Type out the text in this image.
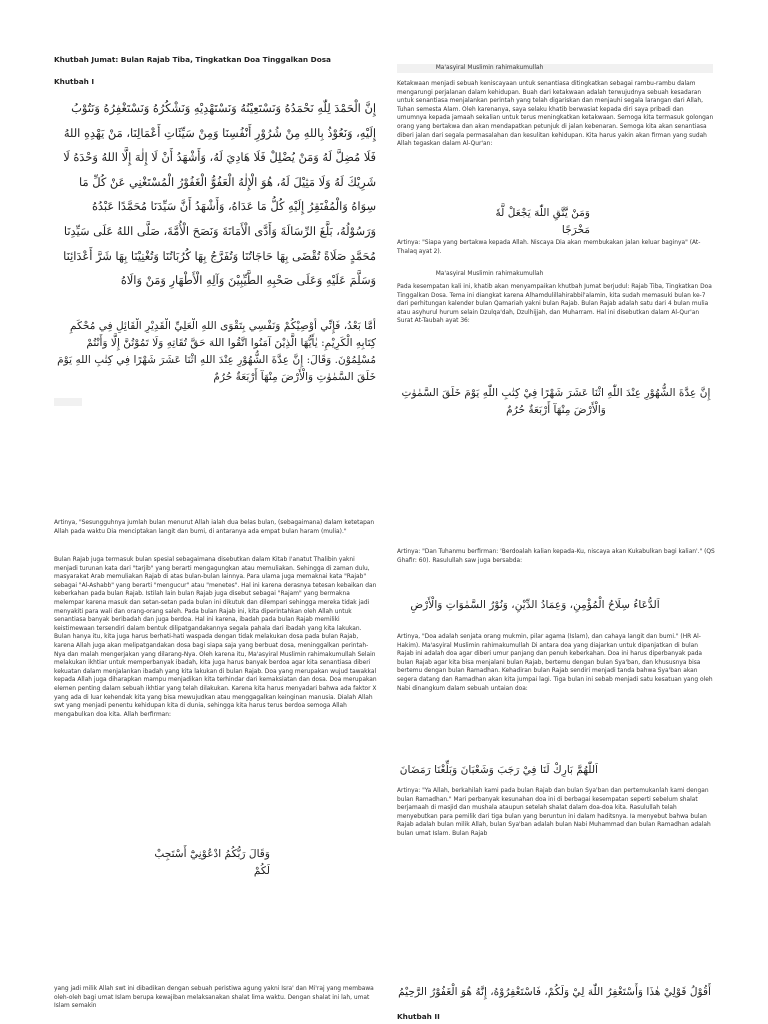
Khutbah Jumat: Bulan Rajab Tiba, Tingkatkan Doa Tinggalkan Dosa
Khutbah I
إِنَّ الْحَمْدَ لِلّٰهِ نَحْمَدُهُ وَنَسْتَعِيْنُهُ وَنَسْتَهْدِيْهِ وَنَشْكُرُهُ وَنَسْتَغْفِرُهُ وَنَتُوْبُ إِلَيْهِ، وَنَعُوْذُ بِاللهِ مِنْ شُرُوْرِ أَنْفُسِنَا وَمِنْ سَيِّئَاتِ أَعْمَالِنَا، مَنْ يَهْدِهِ اللهُ فَلَا مُضِلَّ لَهُ وَمَنْ يُضْلِلْ فَلَا هَادِيَ لَهُ، وَأَشْهَدُ أَنْ لَا إِلٰهَ إِلَّا اللهُ وَحْدَهُ لَا شَرِيْكَ لَهُ وَلَا مَثِيْلَ لَهُ، هُوَ الْإِلٰهُ الْعَفُوُّ الْغَفُوْرُ الْمُسْتَغْنِي عَنْ كُلِّ مَا سِوَاهُ وَالْمُفْتَقِرُ إِلَيْهِ كُلُّ مَا عَدَاهُ، وَأَشْهَدُ أَنَّ سَيِّدَنَا مُحَمَّدًا عَبْدُهُ وَرَسُوْلُهُ، بَلَّغَ الرِّسَالَةَ وَأَدَّى الْأَمَانَةَ وَنَصَحَ الْأُمَّةَ، صَلَّى اللهُ عَلَى سَيِّدِنَا مُحَمَّدٍ صَلَاةً تُقْضَى بِهَا حَاجَاتُنَا وَتُفَرَّجُ بِهَا كُرُبَاتُنَا وَتُغْنِيْنَا بِهَا شَرَّ أَعْدَائِنَا وَسَلَّمَ عَلَيْهِ وَعَلَى صَحْبِهِ الطَّيِّبِيْنَ وَآلِهِ الْأَطْهَارِ وَمَنْ وَالَاهُ
أَمَّا بَعْدُ، فَإِنِّي أُوْصِيْكُمْ وَنَفْسِي بِتَقْوَى اللهِ الْعَلِيِّ الْقَدِيْرِ الْقَائِلِ فِي مُحْكَمِ كِتَابِهِ الْكَرِيْمِ: يٰأَيُّهَا الَّذِيْنَ آمَنُوا اتَّقُوا اللهَ حَقَّ تُقَاتِهِ وَلَا تَمُوْتُنَّ إِلَّا وَأَنْتُمْ مُسْلِمُوْنَ. وَقَالَ: إِنَّ عِدَّةَ الشُّهُوْرِ عِنْدَ اللهِ اثْنَا عَشَرَ شَهْرًا فِي كِتٰبِ اللهِ يَوْمَ خَلَقَ السَّمٰوٰتِ وَالْأَرْضَ مِنْهَآ أَرْبَعَةٌ حُرُمٌ
Artinya, "Sesungguhnya jumlah bulan menurut Allah ialah dua belas bulan, (sebagaimana) dalam ketetapan Allah pada waktu Dia menciptakan langit dan bumi, di antaranya ada empat bulan haram (mulia)."
Bulan Rajab juga termasuk bulan spesial sebagaimana disebutkan dalam Kitab I'anatut Thalibin yakni menjadi turunan kata dari "tarjib" yang berarti mengagungkan atau memuliakan. Sehingga di zaman dulu, masyarakat Arab memuliakan Rajab di atas bulan-bulan lainnya. Para ulama juga memaknai kata "Rajab" sebagai "Al-Ashabb" yang berarti "mengucur" atau "menetes". Hal ini karena derasnya tetesan kebaikan dan keberkahan pada bulan Rajab. Istilah lain bulan Rajab juga disebut sebagai "Rajam" yang bermakna melempar karena masuk dan setan-setan pada bulan ini dikutuk dan dilempari sehingga mereka tidak jadi menyakiti para wali dan orang-orang saleh. Pada bulan Rajab ini, kita diperintahkan oleh Allah untuk senantiasa banyak beribadah dan juga berdoa. Hal ini karena, ibadah pada bulan Rajab memiliki keistimewaan tersendiri dalam bentuk dilipatgandakannya segala pahala dari ibadah yang kita lakukan. Bulan hanya itu, kita juga harus berhati-hati waspada dengan tidak melakukan dosa pada bulan Rajab, karena Allah juga akan melipatgandakan dosa bagi siapa saja yang berbuat dosa, meninggalkan perintah-Nya dan malah mengerjakan yang dilarang-Nya. Oleh karena itu, Ma'asyiral Muslimin rahimakumullah Selain melakukan ikhtiar untuk memperbanyak ibadah, kita juga harus banyak berdoa agar kita senantiasa diberi kekuatan dalam menjalankan ibadah yang kita lakukan di bulan Rajab. Doa yang merupakan wujud tawakkal kepada Allah juga diharapkan mampu menjadikan kita terhindar dari kemaksiatan dan dosa. Doa merupakan elemen penting dalam sebuah ikhtiar yang telah dilakukan. Karena kita harus menyadari bahwa ada faktor X yang ada di luar kehendak kita yang bisa mewujudkan atau menggagalkan keinginan manusia. Dialah Allah swt yang menjadi penentu kehidupan kita di dunia, sehingga kita harus terus berdoa semoga Allah mengabulkan doa kita. Allah berfirman:
وَقَالَ رَبُّكُمُ ادْعُوْنِيْٓ أَسْتَجِبْ لَكُمْ
yang jadi milik Allah swt ini dibadikan dengan sebuah peristiwa agung yakni Isra' dan Mi'raj yang membawa oleh-oleh bagi umat Islam berupa kewajiban melaksanakan shalat lima waktu. Dengan shalat ini lah, umat Islam semakin
Ma'asyiral Muslimin rahimakumullah
Ketakwaan menjadi sebuah keniscayaan untuk senantiasa ditingkatkan sebagai rambu-rambu dalam mengarungi perjalanan dalam kehidupan. Buah dari ketakwaan adalah terwujudnya sebuah kesadaran untuk senantiasa menjalankan perintah yang telah digariskan dan menjauhi segala larangan dari Allah, Tuhan semesta Alam. Oleh karenanya, saya selaku khatib berwasiat kepada diri saya pribadi dan umumnya kepada jamaah sekalian untuk terus meningkatkan ketakwaan. Semoga kita termasuk golongan orang yang bertakwa dan akan mendapatkan petunjuk di jalan kebenaran. Semoga kita akan senantiasa diberi jalan dari segala permasalahan dan kesulitan kehidupan. Kita harus yakin akan firman yang sudah Allah tegaskan dalam Al-Qur'an:
وَمَنْ يَّتَّقِ اللّٰهَ يَجْعَلْ لَّهٗ مَخْرَجًا
Artinya: "Siapa yang bertakwa kepada Allah. Niscaya Dia akan membukakan jalan keluar baginya" (At-Thalaq ayat 2).
Ma'asyiral Muslimin rahimakumullah
Pada kesempatan kali ini, khatib akan menyampaikan khutbah Jumat berjudul: Rajab Tiba, Tingkatkan Doa Tinggalkan Dosa. Tema ini diangkat karena Alhamdulillahirabbil'alamin, kita sudah memasuki bulan ke-7 dari perhitungan kalender bulan Qamariah yakni bulan Rajab. Bulan Rajab adalah satu dari 4 bulan mulia atau asyhurul hurum selain Dzulqa'dah, Dzulhijjah, dan Muharram. Hal ini disebutkan dalam Al-Qur'an Surat At-Taubah ayat 36:
إِنَّ عِدَّةَ الشُّهُوْرِ عِنْدَ اللّٰهِ اثْنَا عَشَرَ شَهْرًا فِيْ كِتٰبِ اللّٰهِ يَوْمَ خَلَقَ السَّمٰوٰتِ وَالْأَرْضَ مِنْهَآ أَرْبَعَةٌ حُرُمٌ
Artinya: "Dan Tuhanmu berfirman: 'Berdoalah kalian kepada-Ku, niscaya akan Kukabulkan bagi kalian'." (QS Ghafir: 60). Rasulullah saw juga bersabda:
اَلدُّعَاءُ سِلَاحُ الْمُؤْمِنِ، وَعِمَادُ الدِّيْنِ، وَنُوْرُ السَّمٰوَاتِ وَالْأَرْضِ
Artinya, "Doa adalah senjata orang mukmin, pilar agama (Islam), dan cahaya langit dan bumi." (HR Al-Hakim). Ma'asyiral Muslimin rahimakumullah Di antara doa yang diajarkan untuk dipanjatkan di bulan Rajab ini adalah doa agar diberi umur panjang dan penuh keberkahan. Doa ini harus diperbanyak pada bulan Rajab agar kita bisa menjalani bulan Rajab, bertemu dengan bulan Sya'ban, dan khususnya bisa bertemu dengan bulan Ramadhan. Kehadiran bulan Rajab sendiri menjadi tanda bahwa Sya'ban akan segera datang dan Ramadhan akan kita jumpai lagi. Tiga bulan ini sebab menjadi satu kesatuan yang oleh Nabi dinangkum dalam sebuah untaian doa:
اَللّٰهُمَّ بَارِكْ لَنَا فِيْ رَجَبَ وَشَعْبَانَ وَبَلِّغْنَا رَمَضَانَ
Artinya: "Ya Allah, berkahilah kami pada bulan Rajab dan bulan Sya'ban dan pertemukanlah kami dengan bulan Ramadhan." Mari perbanyak kesunahan doa ini di berbagai kesempatan seperti sebelum shalat berjamaah di masjid dan mushala ataupun setelah shalat dalam doa-doa kita. Rasulullah telah menyebutkan para pemilik dari tiga bulan yang beruntun ini dalam haditsnya. Ia menyebut bahwa bulan Rajab adalah bulan milik Allah, bulan Sya'ban adalah bulan Nabi Muhammad dan bulan Ramadhan adalah bulan umat Islam. Bulan Rajab
أَقُوْلُ قَوْلِيْ هٰذَا وَأَسْتَغْفِرُ اللّٰهَ لِيْ وَلَكُمْ، فَاسْتَغْفِرُوْهُ، إِنَّهُ هُوَ الْغَفُوْرُ الرَّحِيْمُ
Khutbah II
